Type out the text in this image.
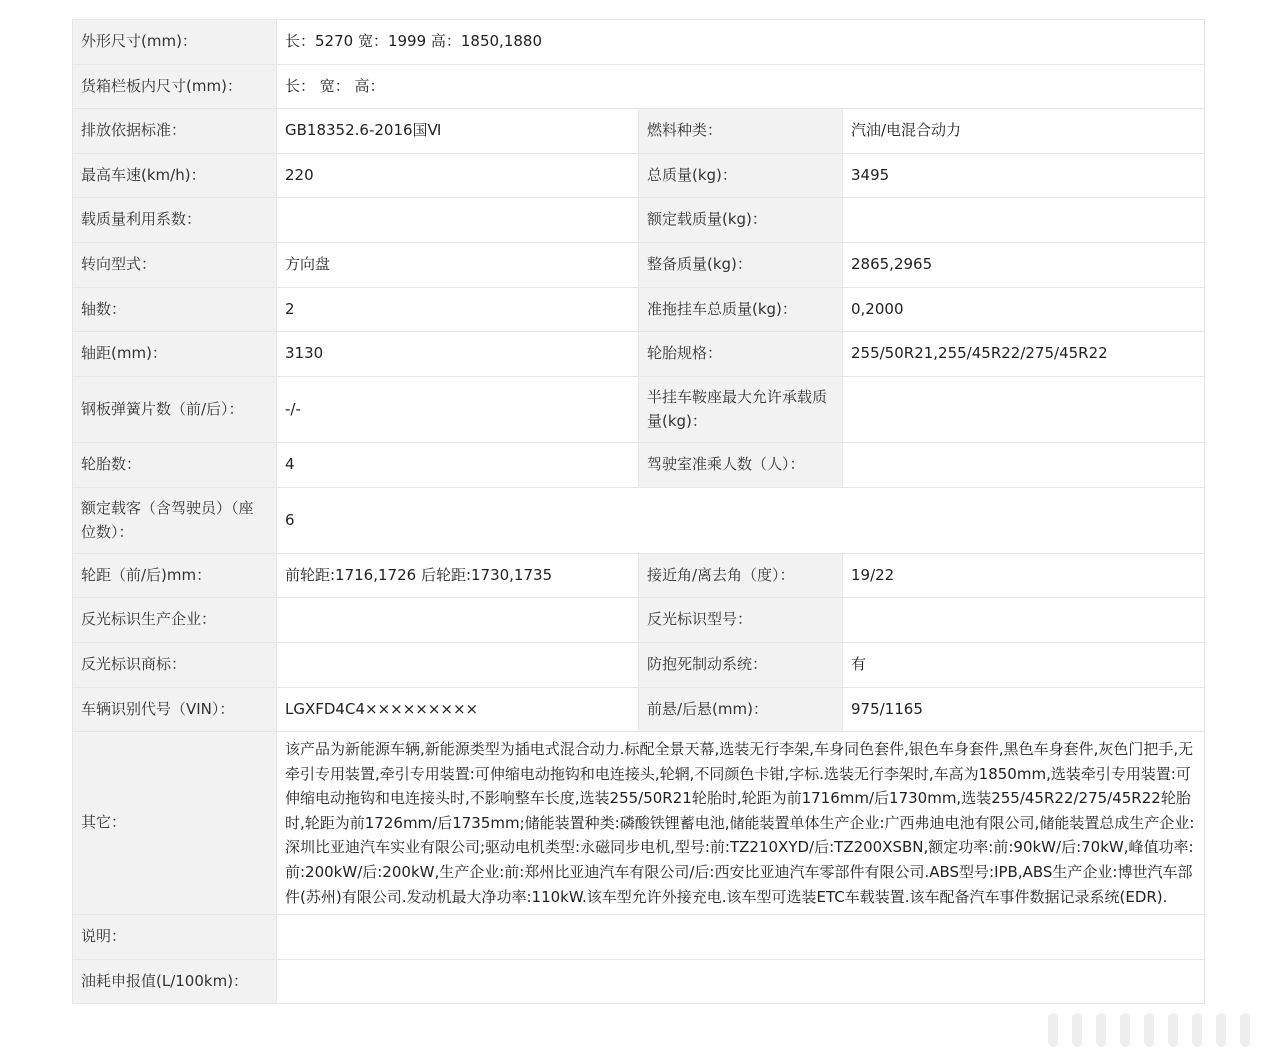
外形尺寸(mm)：	长：5270 宽：1999 高：1850,1880		
货箱栏板内尺寸(mm)：	长： 宽： 高：		
排放依据标准：	GB18352.6-2016国Ⅵ	燃料种类：	汽油/电混合动力
最高车速(km/h)：	220	总质量(kg)：	3495
载质量利用系数：		额定载质量(kg)：	
转向型式：	方向盘	整备质量(kg)：	2865,2965
轴数：	2	准拖挂车总质量(kg)：	0,2000
轴距(mm)：	3130	轮胎规格：	255/50R21,255/45R22/275/45R22
钢板弹簧片数（前/后）：	-/-	半挂车鞍座最大允许承载质量(kg)：	
轮胎数：	4	驾驶室准乘人数（人）：	
额定载客（含驾驶员）（座位数）：	6		
轮距（前/后)mm：	前轮距:1716,1726 后轮距:1730,1735	接近角/离去角（度）：	19/22
反光标识生产企业：		反光标识型号：	
反光标识商标：		防抱死制动系统：	有
车辆识别代号（VIN）：	LGXFD4C4×××××××××	前悬/后悬(mm)：	975/1165
其它：	该产品为新能源车辆,新能源类型为插电式混合动力.标配全景天幕,选装无行李架,车身同色套件,银色车身套件,黑色车身套件,灰色门把手,无牵引专用装置,牵引专用装置:可伸缩电动拖钩和电连接头,轮辋,不同颜色卡钳,字标.选装无行李架时,车高为1850mm,选装牵引专用装置:可伸缩电动拖钩和电连接头时,不影响整车长度,选装255/50R21轮胎时,轮距为前1716mm/后1730mm,选装255/45R22/275/45R22轮胎时,轮距为前1726mm/后1735mm;储能装置种类:磷酸铁锂蓄电池,储能装置单体生产企业:广西弗迪电池有限公司,储能装置总成生产企业:深圳比亚迪汽车实业有限公司;驱动电机类型:永磁同步电机,型号:前:TZ210XYD/后:TZ200XSBN,额定功率:前:90kW/后:70kW,峰值功率:前:200kW/后:200kW,生产企业:前:郑州比亚迪汽车有限公司/后:西安比亚迪汽车零部件有限公司.ABS型号:IPB,ABS生产企业:博世汽车部件(苏州)有限公司.发动机最大净功率:110kW.该车型允许外接充电.该车型可选装ETC车载装置.该车配备汽车事件数据记录系统(EDR).		
说明：			
油耗申报值(L/100km)：			
